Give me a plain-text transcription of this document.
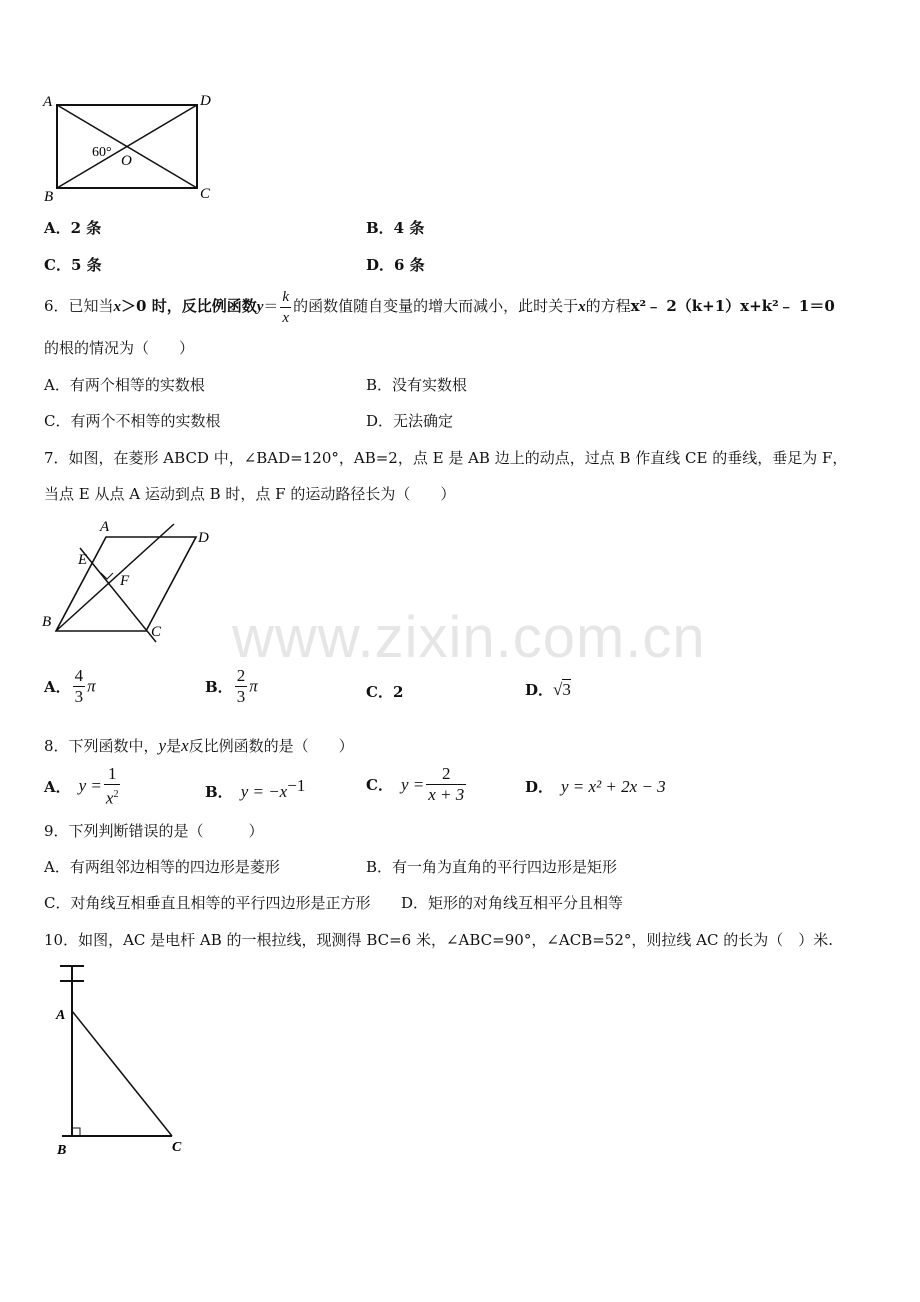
www.zixin.com.cn
A	D
B	C
O
60°
A．2 条	B．4 条
C．5 条	D．6 条
6．已知当x＞0 时，反比例函数$y= \frac{k}{x}$ 的函数值随自变量的增大而减小，此时关于x的方程x²﹣ 2（k+1）x+k²﹣ 1＝0
的根的情况为（　　）
A．有两个相等的实数根	B．没有实数根
C．有两个不相等的实数根	D．无法确定
7．如图，在菱形 ABCD 中，∠BAD=120°，AB=2，点 E 是 AB 边上的动点，过点 B 作直线 CE 的垂线，垂足为 F，
当点 E 从点 A 运动到点 B 时，点 F 的运动路径长为（　　）
A
D
B
C
E
F
A． $\frac{4}{3}$ π	B． $\frac{2}{3}$ π	C．2	D．√3
8．下列函数中，y是x反比例函数的是（　　）
A． $y = \frac{1}{x^2}$	B． $y = -x^{-1}$	C． $y = \frac{2}{x + 3}$	D． y = x² + 2x − 3
9．下列判断错误的是（　　　）
A．有两组邻边相等的四边形是菱形	B．有一角为直角的平行四边形是矩形
C．对角线互相垂直且相等的平行四边形是正方形 D．矩形的对角线互相平分且相等
10．如图，AC 是电杆 AB 的一根拉线，现测得 BC=6 米，∠ABC=90°，∠ACB=52°，则拉线 AC 的长为（　）米.
A
B	C
